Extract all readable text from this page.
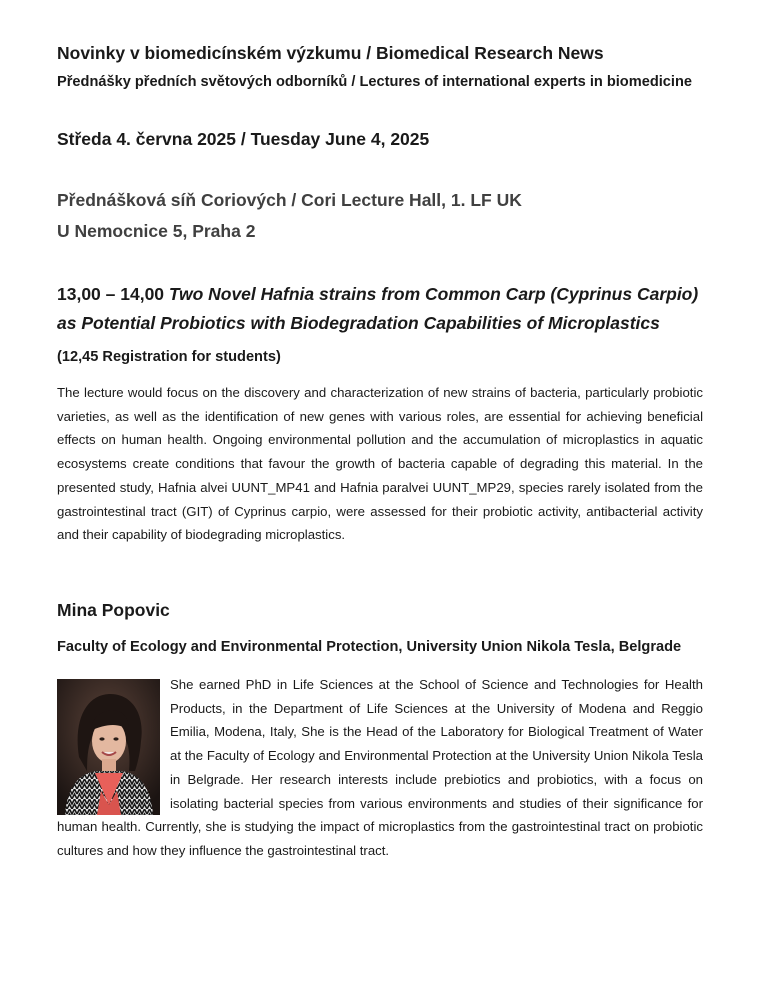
Novinky v biomedicínském výzkumu / Biomedical Research News

Přednášky předních světových odborníků / Lectures of international experts in biomedicine

Středa 4. června 2025 / Tuesday June 4, 2025

Přednášková síň Coriových / Cori Lecture Hall, 1. LF UK

U Nemocnice 5, Praha 2

13,00 – 14,00 Two Novel Hafnia strains from Common Carp (Cyprinus Carpio) as Potential Probiotics with Biodegradation Capabilities of Microplastics

(12,45 Registration for students)

The lecture would focus on the discovery and characterization of new strains of bacteria, particularly probiotic varieties, as well as the identification of new genes with various roles, are essential for achieving beneficial effects on human health. Ongoing environmental pollution and the accumulation of microplastics in aquatic ecosystems create conditions that favour the growth of bacteria capable of degrading this material. In the presented study, Hafnia alvei UUNT_MP41 and Hafnia paralvei UUNT_MP29, species rarely isolated from the gastrointestinal tract (GIT) of Cyprinus carpio, were assessed for their probiotic activity, antibacterial activity and their capability of biodegrading microplastics.

Mina Popovic

Faculty of Ecology and Environmental Protection, University Union Nikola Tesla, Belgrade

She earned PhD in Life Sciences at the School of Science and Technologies for Health Products, in the Department of Life Sciences at the University of Modena and Reggio Emilia, Modena, Italy, She is the Head of the Laboratory for Biological Treatment of Water at the Faculty of Ecology and Environmental Protection at the University Union Nikola Tesla in Belgrade. Her research interests include prebiotics and probiotics, with a focus on isolating bacterial species from various environments and studies of their significance for human health. Currently, she is studying the impact of microplastics from the gastrointestinal tract on probiotic cultures and how they influence the gastrointestinal tract.
